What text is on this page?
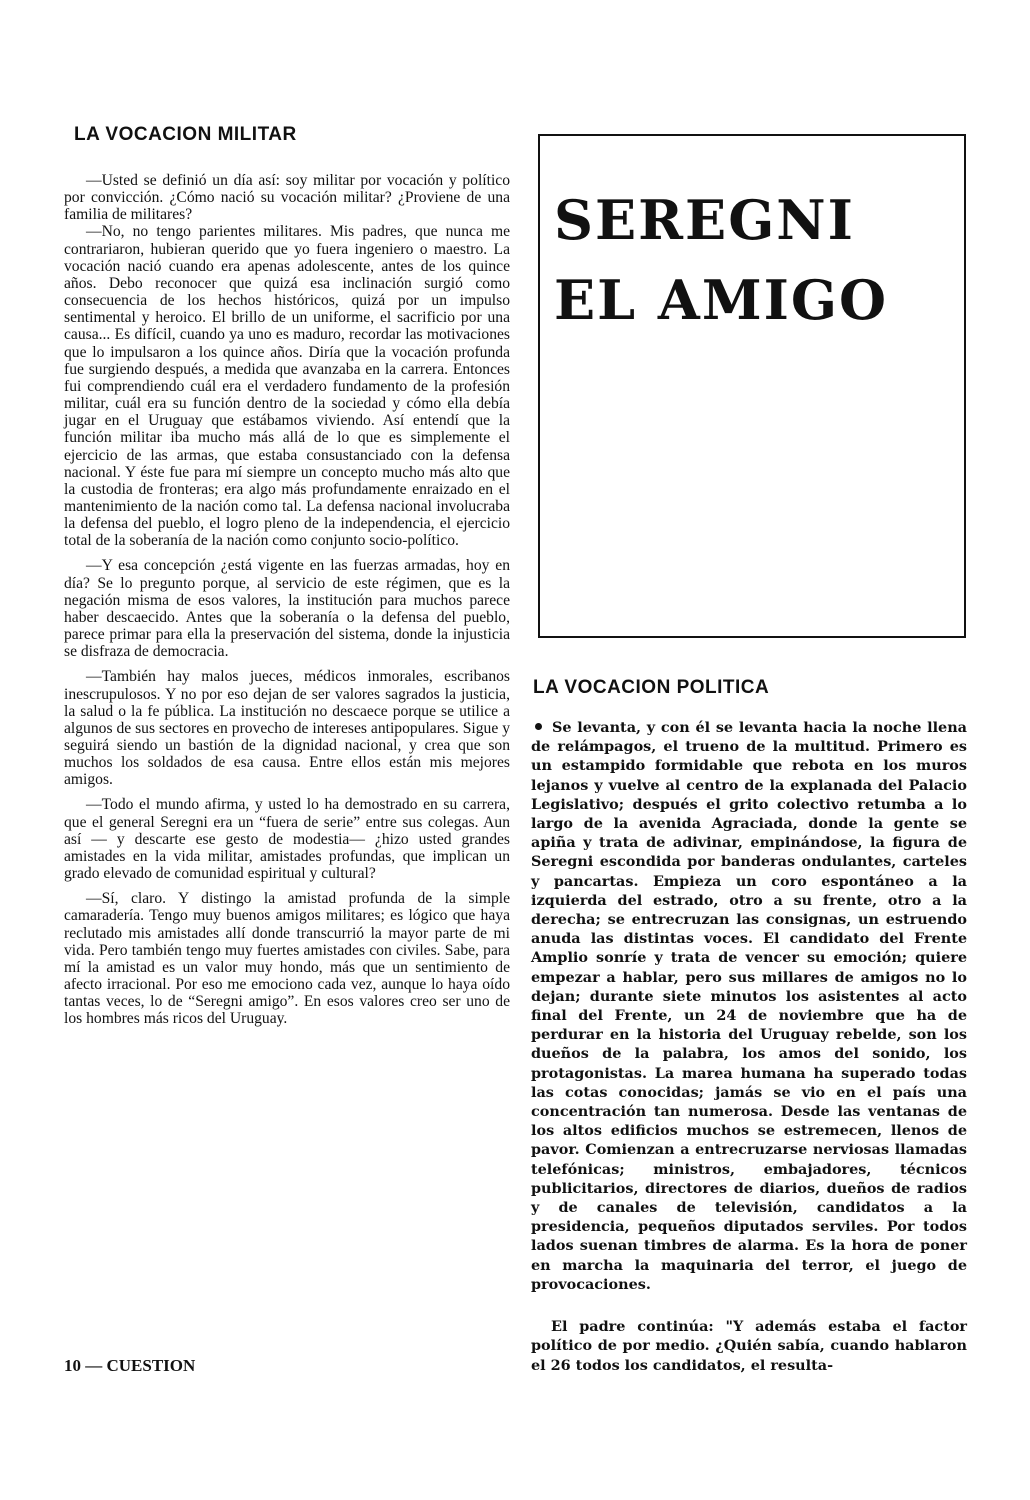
LA VOCACION MILITAR

—Usted se definió un día así: soy militar por vocación y político por convicción. ¿Cómo nació su vocación militar? ¿Proviene de una familia de militares?

—No, no tengo parientes militares. Mis padres, que nunca me contrariaron, hubieran querido que yo fuera ingeniero o maestro. La vocación nació cuando era apenas adolescente, antes de los quince años. Debo reconocer que quizá esa inclinación surgió como consecuencia de los hechos históricos, quizá por un impulso sentimental y heroico. El brillo de un uniforme, el sacrificio por una causa... Es difícil, cuando ya uno es maduro, recordar las motivaciones que lo impulsaron a los quince años. Diría que la vocación profunda fue surgiendo después, a medida que avanzaba en la carrera. Entonces fui comprendiendo cuál era el verdadero fundamento de la profesión militar, cuál era su función dentro de la sociedad y cómo ella debía jugar en el Uruguay que estábamos viviendo. Así entendí que la función militar iba mucho más allá de lo que es simplemente el ejercicio de las armas, que estaba consustanciado con la defensa nacional. Y éste fue para mí siempre un concepto mucho más alto que la custodia de fronteras; era algo más profundamente enraizado en el mantenimiento de la nación como tal. La defensa nacional involucraba la defensa del pueblo, el logro pleno de la independencia, el ejercicio total de la soberanía de la nación como conjunto socio-político.

—Y esa concepción ¿está vigente en las fuerzas armadas, hoy en día? Se lo pregunto porque, al servicio de este régimen, que es la negación misma de esos valores, la institución para muchos parece haber descaecido. Antes que la soberanía o la defensa del pueblo, parece primar para ella la preservación del sistema, donde la injusticia se disfraza de democracia.

—También hay malos jueces, médicos inmorales, escribanos inescrupulosos. Y no por eso dejan de ser valores sagrados la justicia, la salud o la fe pública. La institución no descaece porque se utilice a algunos de sus sectores en provecho de intereses antipopulares. Sigue y seguirá siendo un bastión de la dignidad nacional, y crea que son muchos los soldados de esa causa. Entre ellos están mis mejores amigos.

—Todo el mundo afirma, y usted lo ha demostrado en su carrera, que el general Seregni era un “fuera de serie” entre sus colegas. Aun así — y descarte ese gesto de modestia— ¿hizo usted grandes amistades en la vida militar, amistades profundas, que implican un grado elevado de comunidad espiritual y cultural?

—Sí, claro. Y distingo la amistad profunda de la simple camaradería. Tengo muy buenos amigos militares; es lógico que haya reclutado mis amistades allí donde transcurrió la mayor parte de mi vida. Pero también tengo muy fuertes amistades con civiles. Sabe, para mí la amistad es un valor muy hondo, más que un sentimiento de afecto irracional. Por eso me emociono cada vez, aunque lo haya oído tantas veces, lo de “Seregni amigo”. En esos valores creo ser uno de los hombres más ricos del Uruguay.

SEREGNI
EL AMIGO
LA VOCACION POLITICA

Se levanta, y con él se levanta hacia la noche llena de relámpagos, el trueno de la multitud. Primero es un estampido formidable que rebota en los muros lejanos y vuelve al centro de la explanada del Palacio Legislativo; después el grito colectivo retumba a lo largo de la avenida Agraciada, donde la gente se apiña y trata de adivinar, empinándose, la figura de Seregni escondida por banderas ondulantes, carteles y pancartas. Empieza un coro espontáneo a la izquierda del estrado, otro a su frente, otro a la derecha; se entrecruzan las consignas, un estruendo anuda las distintas voces. El candidato del Frente Amplio sonríe y trata de vencer su emoción; quiere empezar a hablar, pero sus millares de amigos no lo dejan; durante siete minutos los asistentes al acto final del Frente, un 24 de noviembre que ha de perdurar en la historia del Uruguay rebelde, son los dueños de la palabra, los amos del sonido, los protagonistas. La marea humana ha superado todas las cotas conocidas; jamás se vio en el país una concentración tan numerosa. Desde las ventanas de los altos edificios muchos se estremecen, llenos de pavor. Comienzan a entrecruzarse nerviosas llamadas telefónicas; ministros, embajadores, técnicos publicitarios, directores de diarios, dueños de radios y de canales de televisión, candidatos a la presidencia, pequeños diputados serviles. Por todos lados suenan timbres de alarma. Es la hora de poner en marcha la maquinaria del terror, el juego de provocaciones.

El padre continúa: "Y además estaba el factor político de por medio. ¿Quién sabía, cuando hablaron el 26 todos los candidatos, el resulta-

10 — CUESTION
